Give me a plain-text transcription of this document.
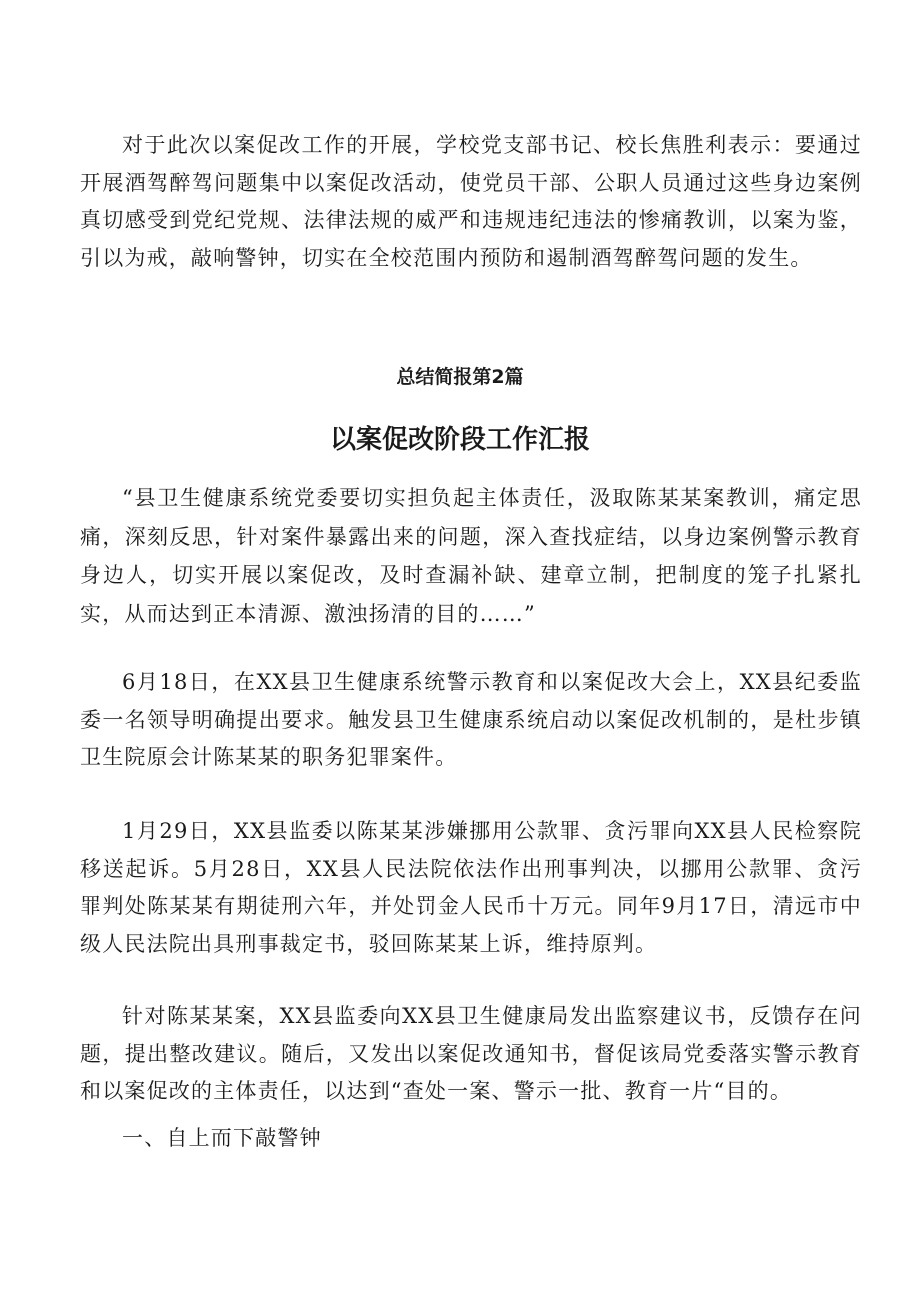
对于此次以案促改工作的开展，学校党支部书记、校长焦胜利表示：要通过开展酒驾醉驾问题集中以案促改活动，使党员干部、公职人员通过这些身边案例真切感受到党纪党规、法律法规的威严和违规违纪违法的惨痛教训，以案为鉴，引以为戒，敲响警钟，切实在全校范围内预防和遏制酒驾醉驾问题的发生。

总结简报第2篇
以案促改阶段工作汇报

“县卫生健康系统党委要切实担负起主体责任，汲取陈某某案教训，痛定思痛，深刻反思，针对案件暴露出来的问题，深入查找症结，以身边案例警示教育身边人，切实开展以案促改，及时查漏补缺、建章立制，把制度的笼子扎紧扎实，从而达到正本清源、激浊扬清的目的……”

6月18日，在XX县卫生健康系统警示教育和以案促改大会上，XX县纪委监委一名领导明确提出要求。触发县卫生健康系统启动以案促改机制的，是杜步镇卫生院原会计陈某某的职务犯罪案件。

1月29日，XX县监委以陈某某涉嫌挪用公款罪、贪污罪向XX县人民检察院移送起诉。5月28日，XX县人民法院依法作出刑事判决，以挪用公款罪、贪污罪判处陈某某有期徒刑六年，并处罚金人民币十万元。同年9月17日，清远市中级人民法院出具刑事裁定书，驳回陈某某上诉，维持原判。

针对陈某某案，XX县监委向XX县卫生健康局发出监察建议书，反馈存在问题，提出整改建议。随后，又发出以案促改通知书，督促该局党委落实警示教育和以案促改的主体责任，以达到“查处一案、警示一批、教育一片“目的。

一、自上而下敲警钟
